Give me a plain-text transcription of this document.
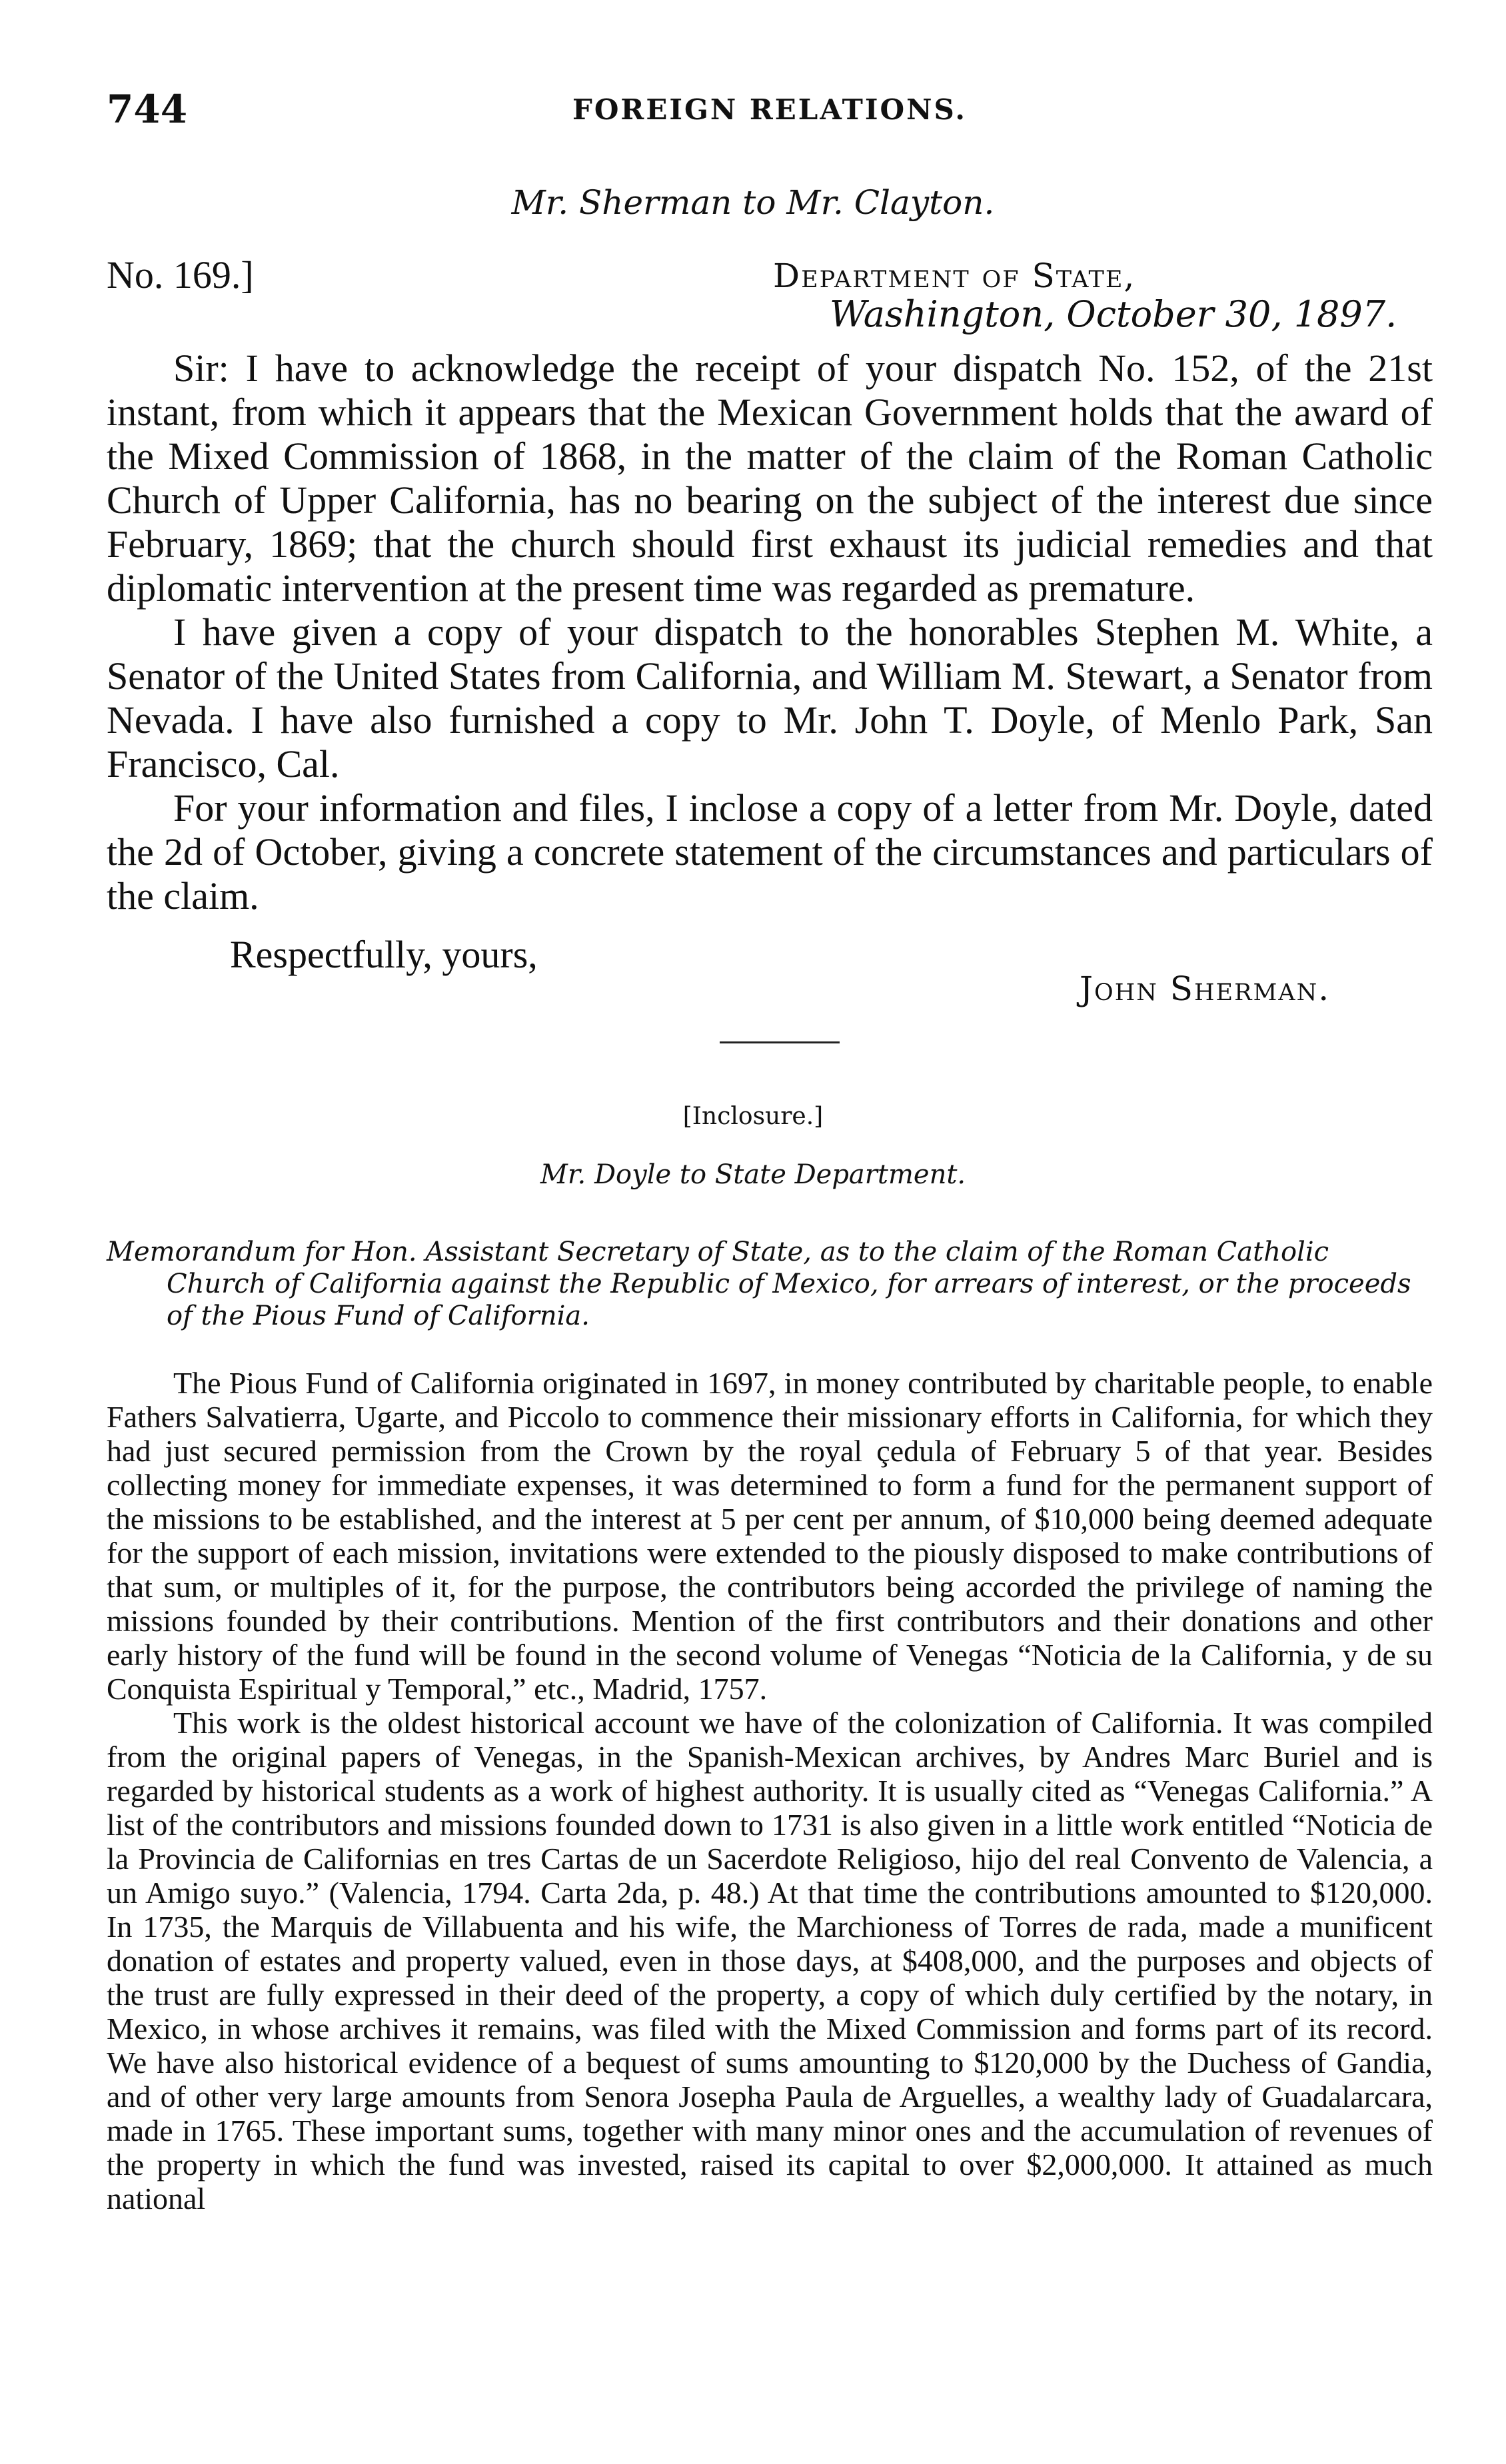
744	FOREIGN RELATIONS.
Mr. Sherman to Mr. Clayton.
No. 169.]	Department of State,
Washington, October 30, 1897.

Sir: I have to acknowledge the receipt of your dispatch No. 152, of the 21st instant, from which it appears that the Mexican Government holds that the award of the Mixed Commission of 1868, in the matter of the claim of the Roman Catholic Church of Upper California, has no bearing on the subject of the interest due since February, 1869; that the church should first exhaust its judicial remedies and that diplomatic intervention at the present time was regarded as premature.

I have given a copy of your dispatch to the honorables Stephen M. White, a Senator of the United States from California, and William M. Stewart, a Senator from Nevada. I have also furnished a copy to Mr. John T. Doyle, of Menlo Park, San Francisco, Cal.

For your information and files, I inclose a copy of a letter from Mr. Doyle, dated the 2d of October, giving a concrete statement of the circumstances and particulars of the claim.

Respectfully, yours,
John Sherman.
[Inclosure.]
Mr. Doyle to State Department.
Memorandum for Hon. Assistant Secretary of State, as to the claim of the Roman Catholic Church of California against the Republic of Mexico, for arrears of interest, or the proceeds of the Pious Fund of California.

The Pious Fund of California originated in 1697, in money contributed by charitable people, to enable Fathers Salvatierra, Ugarte, and Piccolo to commence their missionary efforts in California, for which they had just secured permission from the Crown by the royal çedula of February 5 of that year. Besides collecting money for immediate expenses, it was determined to form a fund for the permanent support of the missions to be established, and the interest at 5 per cent per annum, of $10,000 being deemed adequate for the support of each mission, invitations were extended to the piously disposed to make contributions of that sum, or multiples of it, for the purpose, the contributors being accorded the privilege of naming the missions founded by their contributions. Mention of the first contributors and their donations and other early history of the fund will be found in the second volume of Venegas “Noticia de la California, y de su Conquista Espiritual y Temporal,” etc., Madrid, 1757.

This work is the oldest historical account we have of the colonization of California. It was compiled from the original papers of Venegas, in the Spanish-Mexican archives, by Andres Marc Buriel and is regarded by historical students as a work of highest authority. It is usually cited as “Venegas California.” A list of the contributors and missions founded down to 1731 is also given in a little work entitled “Noticia de la Provincia de Californias en tres Cartas de un Sacerdote Religioso, hijo del real Convento de Valencia, a un Amigo suyo.” (Valencia, 1794. Carta 2da, p. 48.) At that time the contributions amounted to $120,000. In 1735, the Marquis de Villabuenta and his wife, the Marchioness of Torres de rada, made a munificent donation of estates and property valued, even in those days, at $408,000, and the purposes and objects of the trust are fully expressed in their deed of the property, a copy of which duly certified by the notary, in Mexico, in whose archives it remains, was filed with the Mixed Commission and forms part of its record. We have also historical evidence of a bequest of sums amounting to $120,000 by the Duchess of Gandia, and of other very large amounts from Senora Josepha Paula de Arguelles, a wealthy lady of Guadalarcara, made in 1765. These important sums, together with many minor ones and the accumulation of revenues of the property in which the fund was invested, raised its capital to over $2,000,000. It attained as much national
